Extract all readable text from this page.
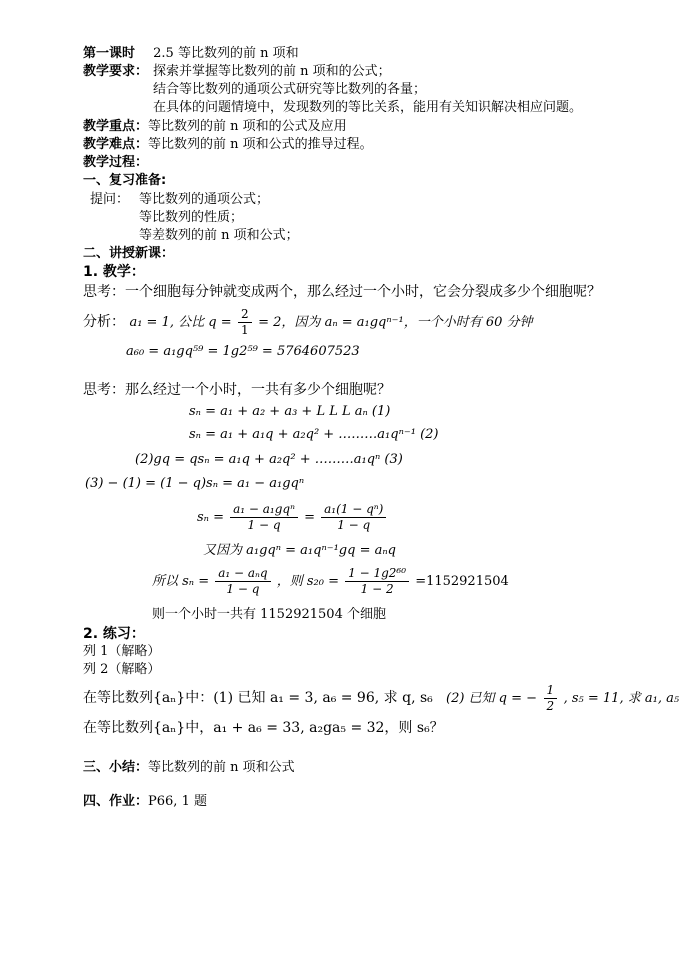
第一课时 2.5 等比数列的前 n 项和
教学要求： 探索并掌握等比数列的前 n 项和的公式；
结合等比数列的通项公式研究等比数列的各量；
在具体的问题情境中，发现数列的等比关系，能用有关知识解决相应问题。
教学重点：等比数列的前 n 项和的公式及应用
教学难点：等比数列的前 n 项和公式的推导过程。
教学过程：
一、复习准备:
提问： 等比数列的通项公式；
等比数列的性质；
等差数列的前 n 项和公式；
二、讲授新课：
1. 教学：
思考：一个细胞每分钟就变成两个，那么经过一个小时，它会分裂成多少个细胞呢？
分析： a₁ = 1, 公比 $q = \frac{2}{1} = 2$，因为 aₙ = a₁gqⁿ⁻¹，一个小时有 60 分钟
a₆₀ = a₁gq⁵⁹ = 1g2⁵⁹ = 5764607523
思考：那么经过一个小时，一共有多少个细胞呢？
sₙ = a₁ + a₂ + a₃ + L L L aₙ (1)
sₙ = a₁ + a₁q + a₂q² + ………a₁qⁿ⁻¹ (2)
(2)gq = qsₙ = a₁q + a₂q² + ………a₁qⁿ (3)
(3) − (1) = (1 − q)sₙ = a₁ − a₁gqⁿ
$s_n = \frac{\text{a₁ − a₁gqⁿ}}{1 - q} = \frac{\text{a₁(1 − qⁿ)}}{1 - q}$
又因为 a₁gqⁿ = a₁qⁿ⁻¹gq = aₙq
所以 $s_n = \frac{\text{a₁ − aₙq}}{1 - q}$ ，则 $s_{20} = \frac{\text{1 − 1g2⁶⁰}}{1 - 2} =1152921504$
则一个小时一共有 1152921504 个细胞
2. 练习：
列 1（解略）
列 2（解略）
在等比数列{aₙ}中：(1) 已知 a₁ = 3, a₆ = 96, 求 q, s₆ (2) 已知 q = − $\frac{1}{2}$ , s₅ = 11, 求 a₁, a₅
在等比数列{aₙ}中，a₁ + a₆ = 33, a₂ga₅ = 32，则 s₆？
三、小结：等比数列的前 n 项和公式
四、作业：P66, 1 题
